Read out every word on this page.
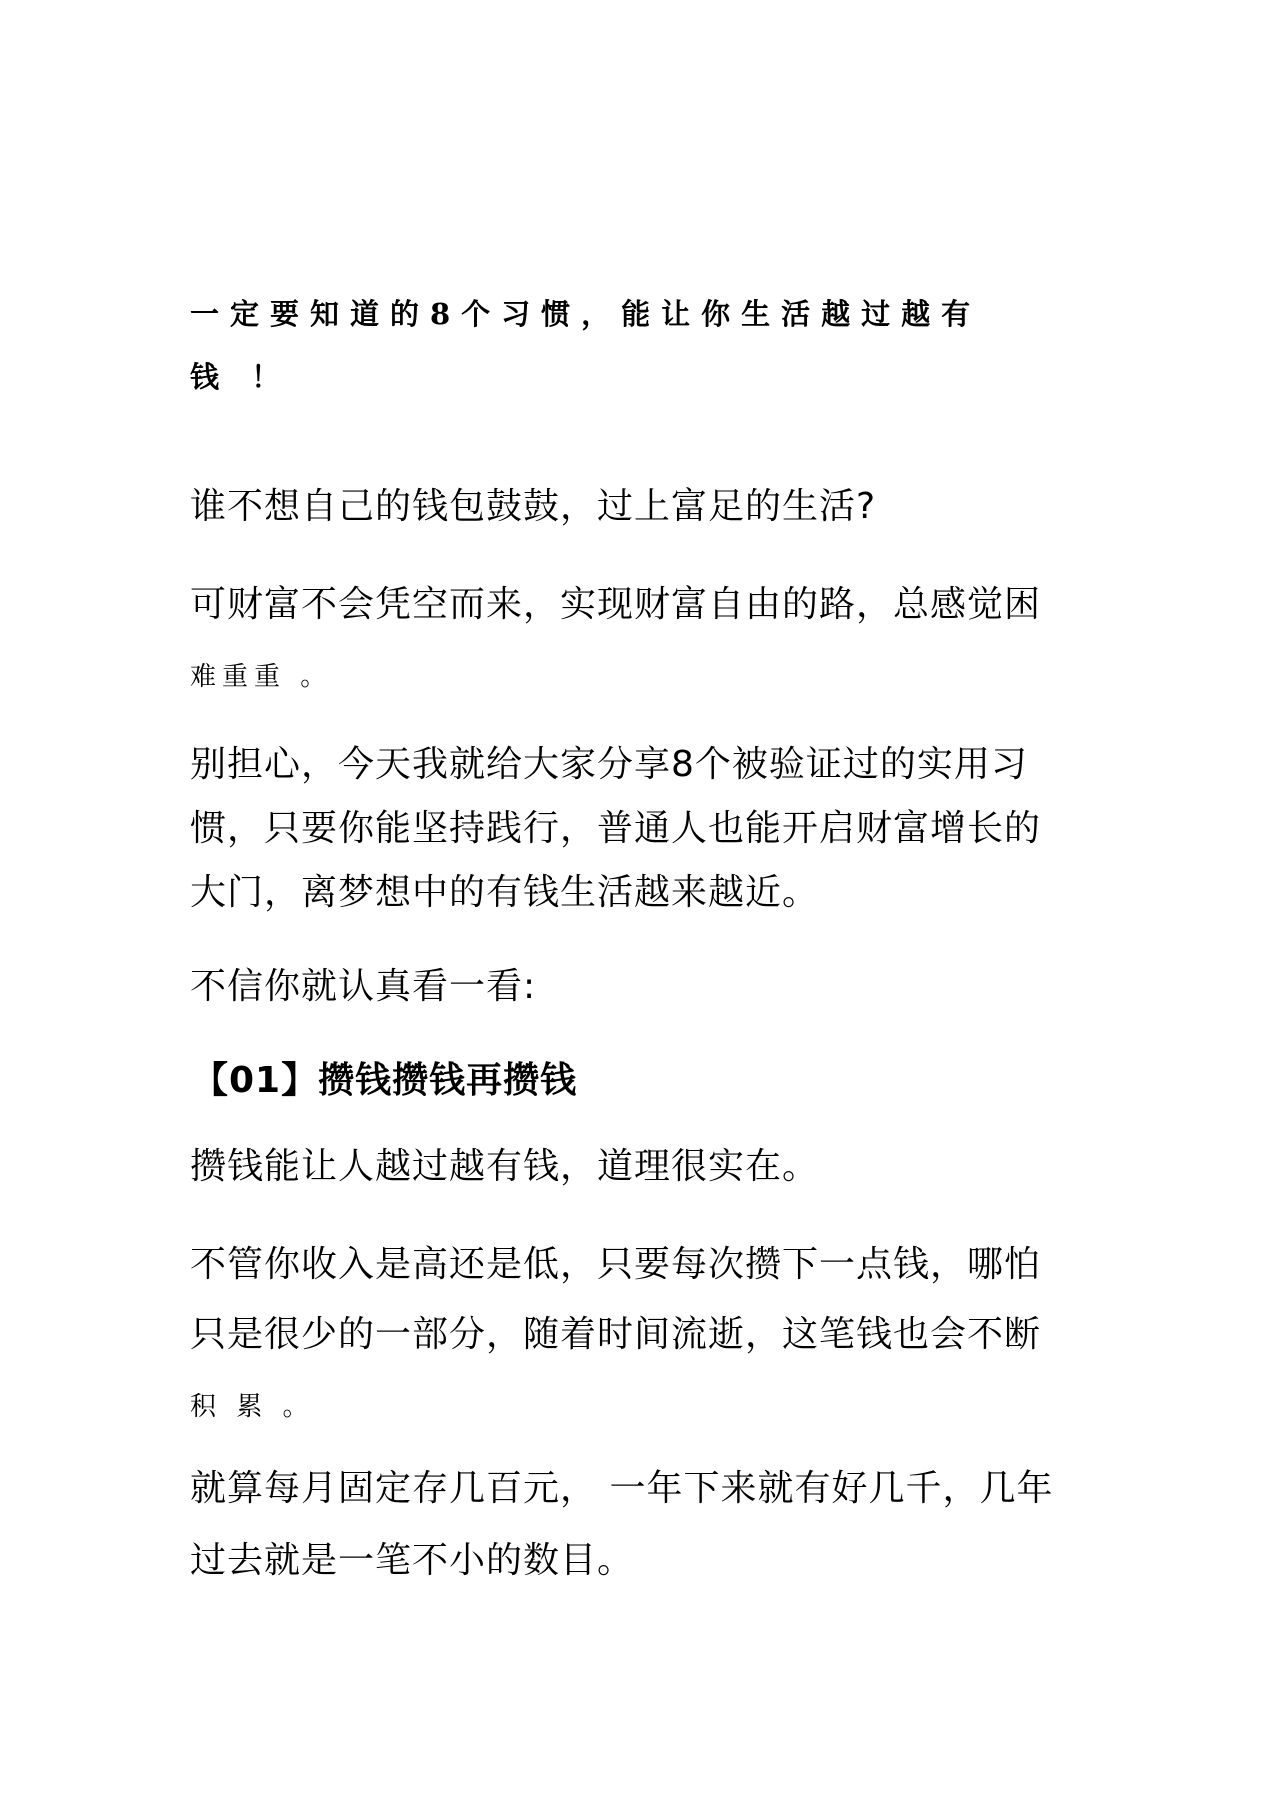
一定要知道的8个习惯，能让你生活越过越有
钱 ！
谁不想自己的钱包鼓鼓，过上富足的生活?
可财富不会凭空而来，实现财富自由的路，总感觉困
难重重 。
别担心，今天我就给大家分享8个被验证过的实用习
惯，只要你能坚持践行，普通人也能开启财富增长的
大门，离梦想中的有钱生活越来越近。
不信你就认真看一看:
【01】攒钱攒钱再攒钱
攒钱能让人越过越有钱，道理很实在。
不管你收入是高还是低，只要每次攒下一点钱，哪怕
只是很少的一部分，随着时间流逝，这笔钱也会不断
积 累 。
就算每月固定存几百元， 一年下来就有好几千，几年
过去就是一笔不小的数目。
